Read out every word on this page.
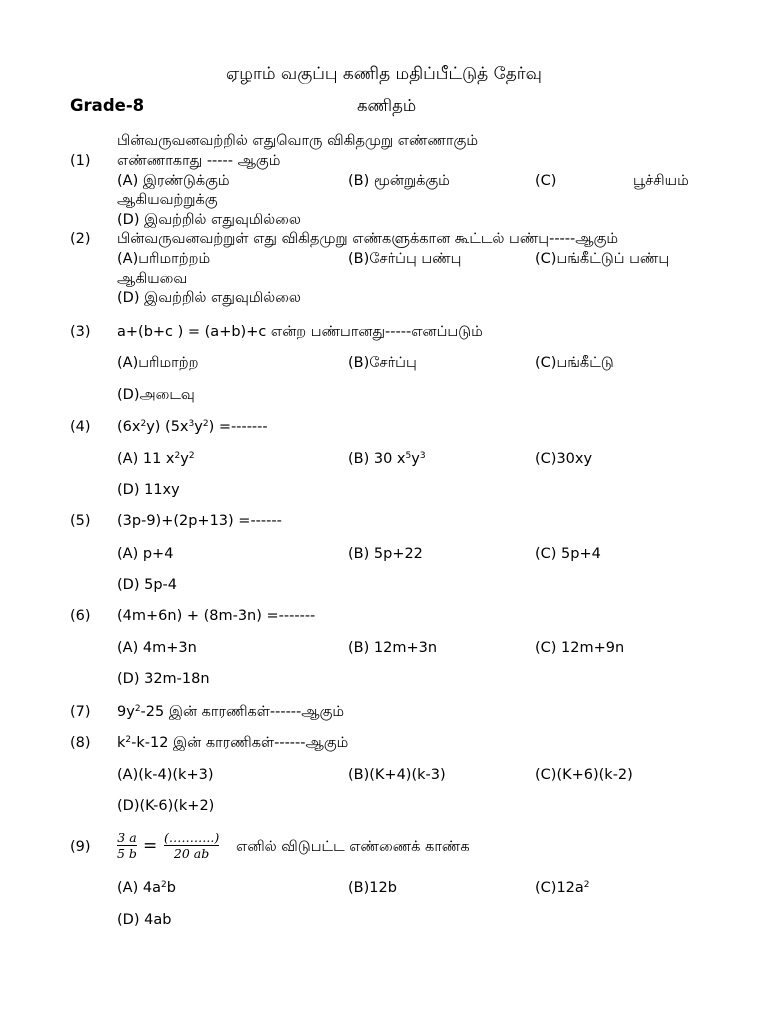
ஏழாம் வகுப்பு கணித மதிப்பீட்டுத் தேர்வு
Grade-8	கணிதம்
பின்வருவனவற்றில் எதுவொரு விகிதமுறு எண்ணாகும்
(1) எண்ணாகாது ----- ஆகும்
(A) இரண்டுக்கும்	(B) மூன்றுக்கும்	(C)	பூச்சியம்
ஆகியவற்றுக்கு
(D) இவற்றில் எதுவுமில்லை
(2) பின்வருவனவற்றுள் எது விகிதமுறு எண்களுக்கான கூட்டல் பண்பு-----ஆகும்
(A)பரிமாற்றம்	(B)சேர்ப்பு பண்பு	(C)பங்கீட்டுப் பண்பு
ஆகியவை
(D) இவற்றில் எதுவுமில்லை
(3) a+(b+c ) = (a+b)+c என்ற பண்பானது-----எனப்படும்
(A)பரிமாற்ற	(B)சேர்ப்பு	(C)பங்கீட்டு
(D)அடைவு
(4) $(6x^2y)$ $(5x^3y^2)$ =-------
(A) 11 $x^2y^2$	(B) 30 $x^5y^3$	(C)30xy
(D) 11xy
(5) (3p-9)+(2p+13) =------
(A) p+4	(B) 5p+22	(C) 5p+4
(D) 5p-4
(6) (4m+6n) + (8m-3n) =-------
(A) 4m+3n	(B) 12m+3n	(C) 12m+9n
(D) 32m-18n
(7) $9y^2-25$ இன் காரணிகள்------ஆகும்
(8) $k^2-k-12$ இன் காரணிகள்------ஆகும்
(A)(k-4)(k+3)	(B)(K+4)(k-3)	(C)(K+6)(k-2)
(D)(K-6)(k+2)
(9)
3 a
5 b = (………..)
20 ab எனில் விடுபட்ட எண்ணைக் காண்க
(A) $4a^2b$	(B)12b	$(C)12a^2$
(D) 4ab
